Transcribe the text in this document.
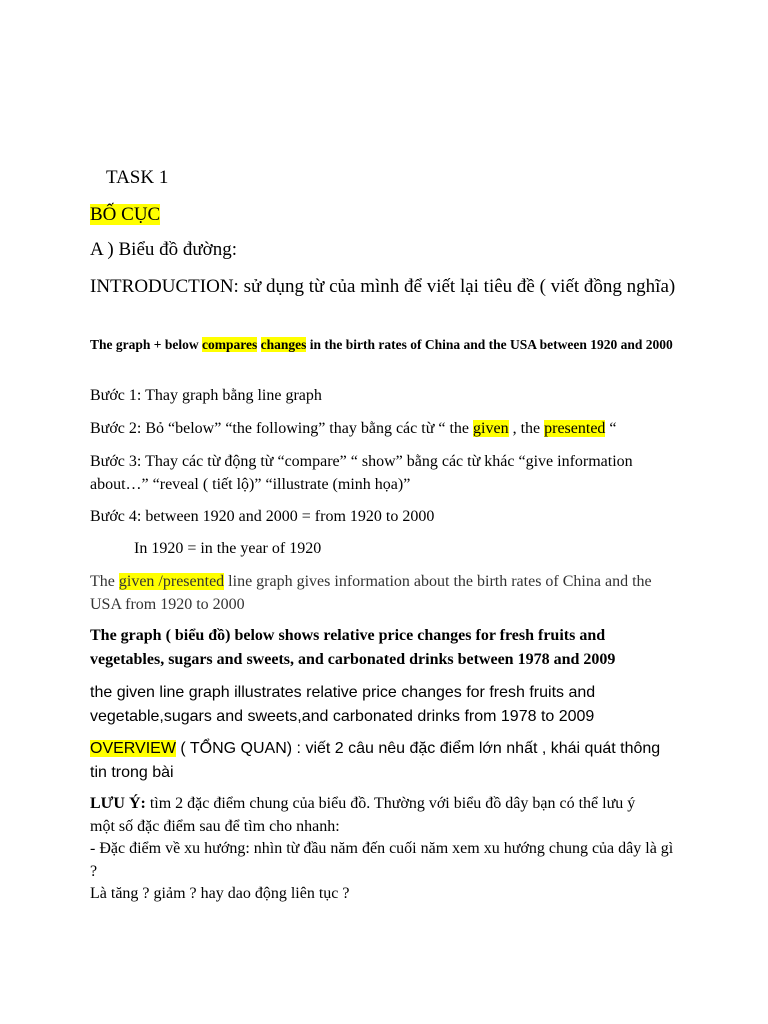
TASK 1

BỐ CỤC

A ) Biểu đồ đường:

INTRODUCTION: sử dụng từ của mình để viết lại tiêu đề ( viết đồng nghĩa)

The graph + below compares changes in the birth rates of China and the USA between 1920 and 2000

Bước 1: Thay graph bằng line graph

Bước 2: Bỏ “below” “the following” thay bằng các từ “ the given , the presented “

Bước 3: Thay các từ động từ “compare” “ show” bằng các từ khác “give information about…” “reveal ( tiết lộ)” “illustrate (minh họa)”

Bước 4: between 1920 and 2000 = from 1920 to 2000

In 1920 = in the year of 1920

The given /presented line graph gives information about the birth rates of China and the USA from 1920 to 2000

The graph ( biểu đồ) below shows relative price changes for fresh fruits and vegetables, sugars and sweets, and carbonated drinks between 1978 and 2009

the given line graph illustrates relative price changes for fresh fruits and vegetable,sugars and sweets,and carbonated drinks from 1978 to 2009

OVERVIEW ( TỔNG QUAN) : viết 2 câu nêu đặc điểm lớn nhất , khái quát thông tin trong bài

LƯU Ý: tìm 2 đặc điểm chung của biểu đồ. Thường với biểu đồ dây bạn có thể lưu ý
một số đặc điểm sau để tìm cho nhanh:
- Đặc điểm về xu hướng: nhìn từ đầu năm đến cuối năm xem xu hướng chung của dây là gì ?
Là tăng ? giảm ? hay dao động liên tục ?
